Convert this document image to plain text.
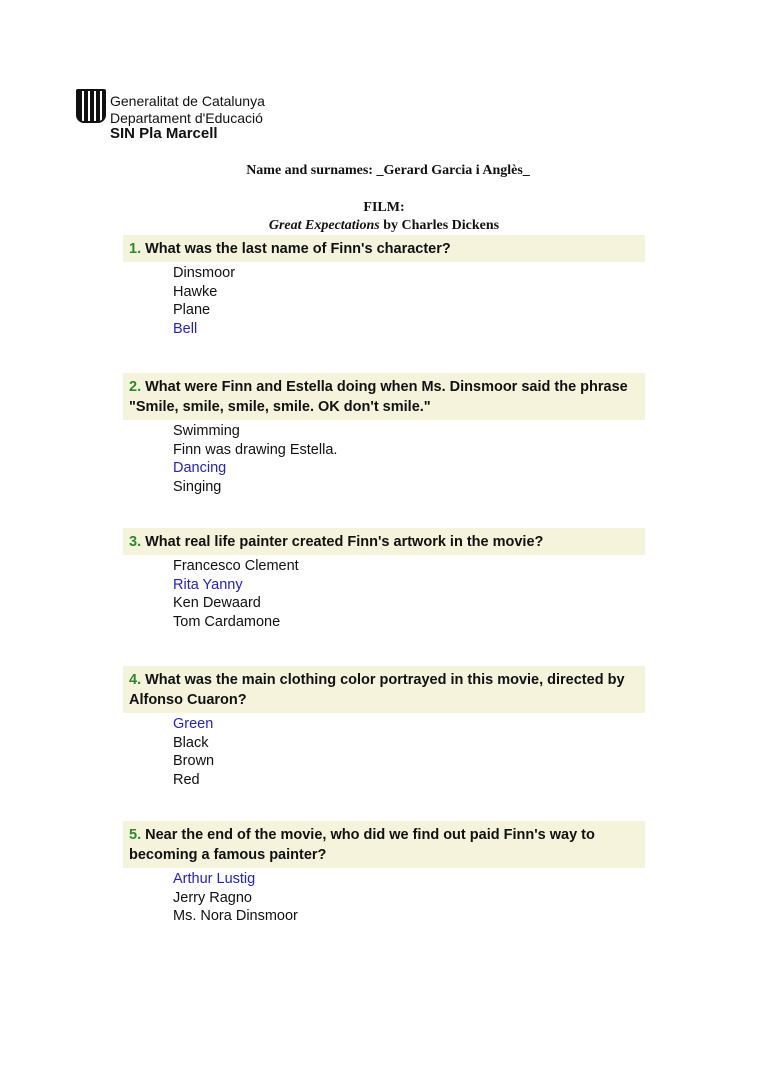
Generalitat de Catalunya
Departament d'Educació
SIN Pla Marcell
Name and surnames: _Gerard Garcia i Anglès_
FILM:
Great Expectations by Charles Dickens
1. What was the last name of Finn's character?
Dinsmoor
Hawke
Plane
Bell
2. What were Finn and Estella doing when Ms. Dinsmoor said the phrase "Smile, smile, smile, smile. OK don't smile."
Swimming
Finn was drawing Estella.
Dancing
Singing
3. What real life painter created Finn's artwork in the movie?
Francesco Clement
Rita Yanny
Ken Dewaard
Tom Cardamone
4. What was the main clothing color portrayed in this movie, directed by Alfonso Cuaron?
Green
Black
Brown
Red
5. Near the end of the movie, who did we find out paid Finn's way to becoming a famous painter?
Arthur Lustig
Jerry Ragno
Ms. Nora Dinsmoor
